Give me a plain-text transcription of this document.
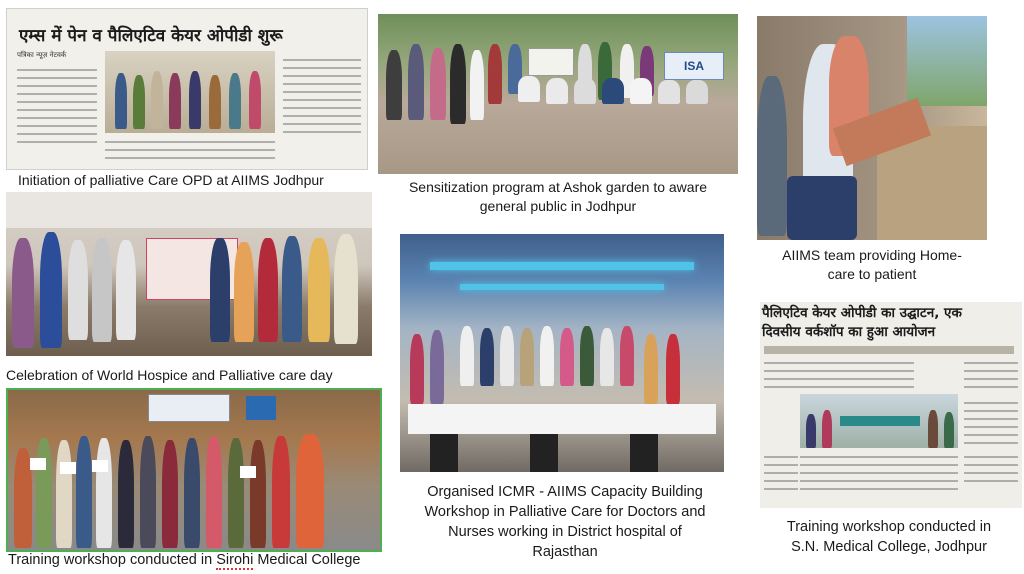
एम्स में पेन व पैलिएटिव केयर ओपीडी शुरू
पत्रिका न्यूज़ नेटवर्क
Initiation of palliative Care OPD at AIIMS Jodhpur
ISA
Sensitization program at Ashok garden to aware
general public in Jodhpur
AIIMS team providing Home-
care to patient
Celebration of World Hospice and Palliative care day
Organised ICMR - AIIMS Capacity Building
Workshop in Palliative Care for Doctors and
Nurses working in District hospital of
Rajasthan
Training workshop conducted in Sirohi Medical College
पैलिएटिव केयर ओपीडी का उद्घाटन, एक
दिवसीय वर्कशॉप का हुआ आयोजन
Training workshop conducted in
S.N. Medical College, Jodhpur
